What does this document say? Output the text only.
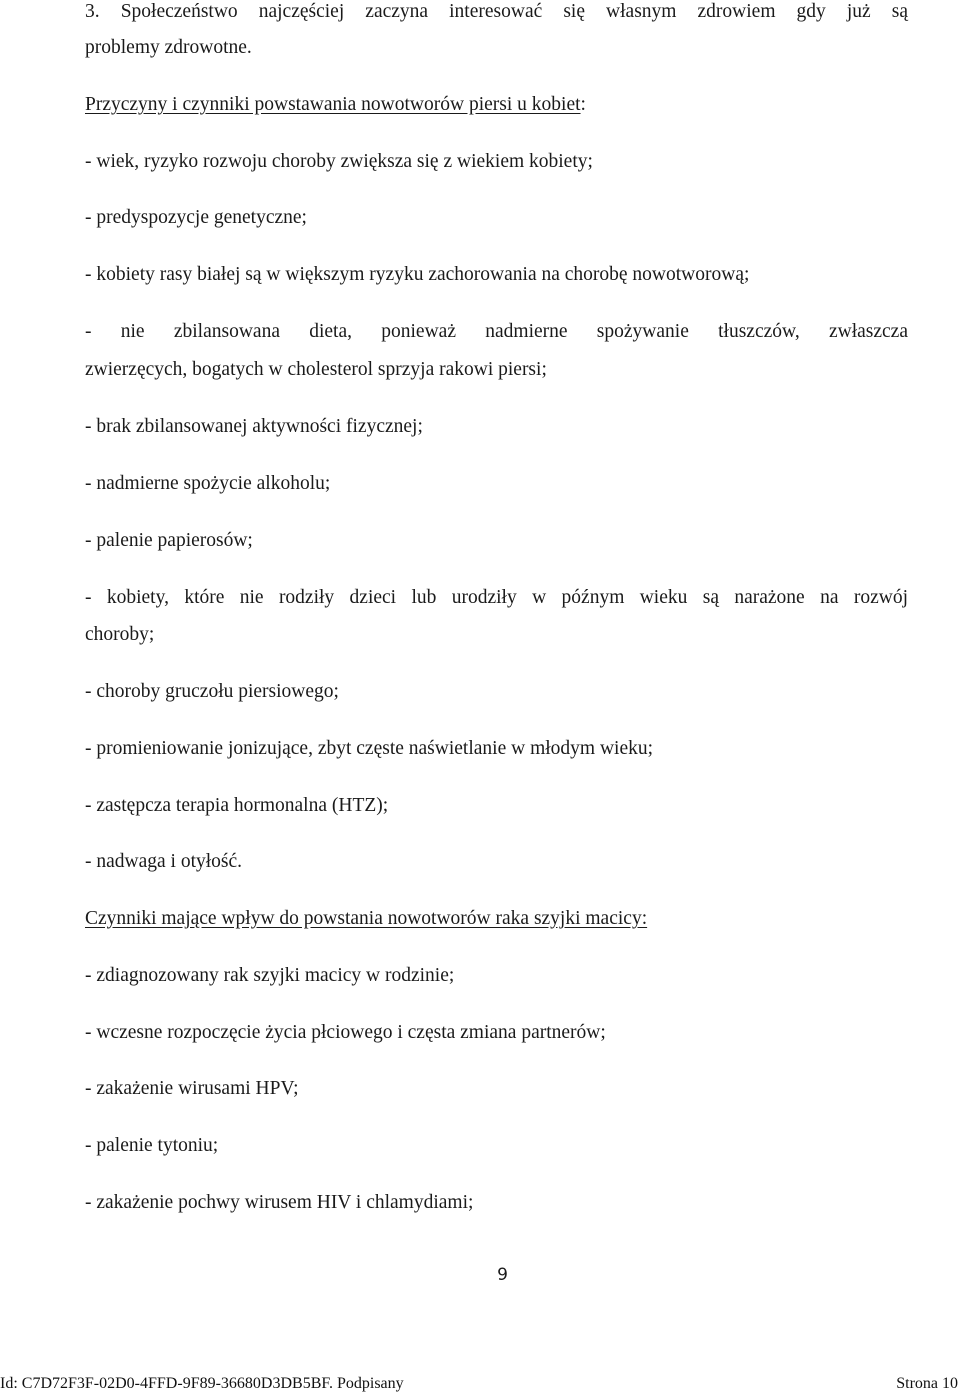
3. Społeczeństwo najczęściej zaczyna interesować się własnym zdrowiem gdy już są

problemy zdrowotne.

Przyczyny i czynniki powstawania nowotworów piersi u kobiet:

- wiek, ryzyko rozwoju choroby zwiększa się z wiekiem kobiety;

- predyspozycje genetyczne;

- kobiety rasy białej są w większym ryzyku zachorowania na chorobę nowotworową;

- nie zbilansowana dieta, ponieważ nadmierne spożywanie tłuszczów, zwłaszcza

zwierzęcych, bogatych w cholesterol sprzyja rakowi piersi;

- brak zbilansowanej aktywności fizycznej;

- nadmierne spożycie alkoholu;

- palenie papierosów;

- kobiety, które nie rodziły dzieci lub urodziły w późnym wieku są narażone na rozwój

choroby;

- choroby gruczołu piersiowego;

- promieniowanie jonizujące, zbyt częste naświetlanie w młodym wieku;

- zastępcza terapia hormonalna (HTZ);

- nadwaga i otyłość.

Czynniki mające wpływ do powstania nowotworów raka szyjki macicy:

- zdiagnozowany rak szyjki macicy w rodzinie;

- wczesne rozpoczęcie życia płciowego i częsta zmiana partnerów;

- zakażenie wirusami HPV;

- palenie tytoniu;

- zakażenie pochwy wirusem HIV i chlamydiami;

9

Id: C7D72F3F-02D0-4FFD-9F89-36680D3DB5BF. Podpisany	Strona 10
